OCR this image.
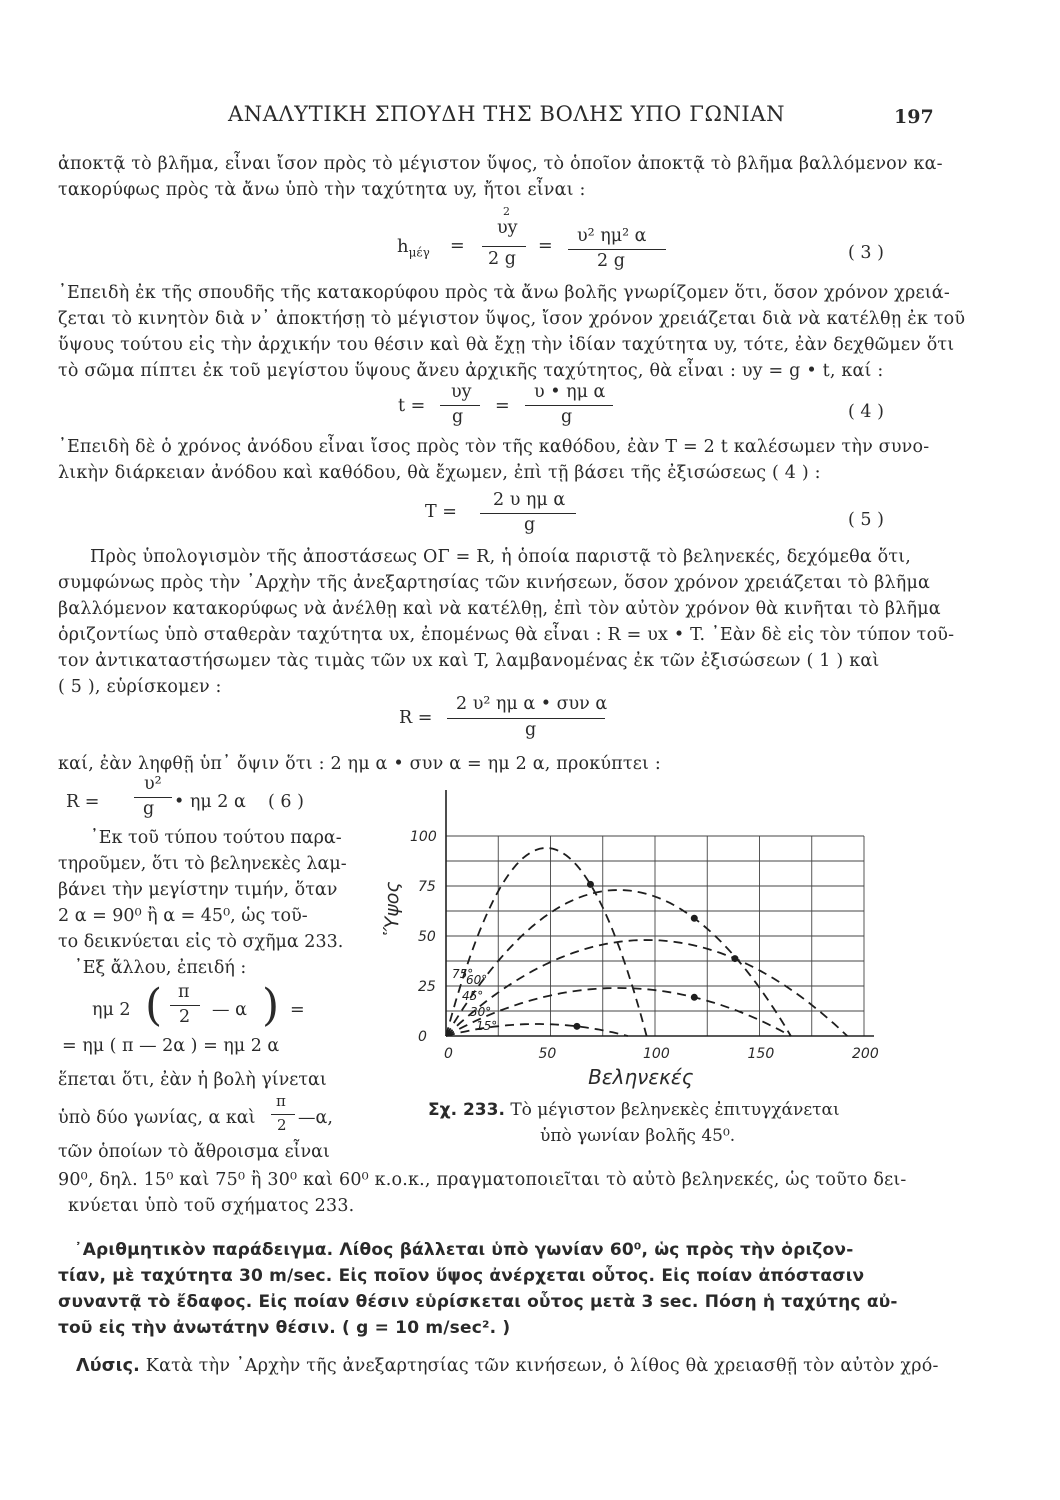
ΑΝΑΛΥΤΙΚΗ ΣΠΟΥΔΗ ΤΗΣ ΒΟΛΗΣ ΥΠΟ ΓΩΝΙΑΝ	197
ἀποκτᾷ τὸ βλῆμα, εἶναι ἴσον πρὸς τὸ μέγιστον ὕψος, τὸ ὁποῖον ἀποκτᾷ τὸ βλῆμα βαλλόμενον κα-
τακορύφως πρὸς τὰ ἄνω ὑπὸ τὴν ταχύτητα υy, ἤτοι εἶναι :
$h_{\mu έ\gamma}$ =
2
υy
2 g
= υ² ημ² α
2 g	( 3 )
᾿Επειδὴ ἐκ τῆς σπουδῆς τῆς κατακορύφου πρὸς τὰ ἄνω βολῆς γνωρίζομεν ὅτι, ὅσον χρόνον χρειά-
ζεται τὸ κινητὸν διὰ ν᾿ ἀποκτήσῃ τὸ μέγιστον ὕψος, ἴσον χρόνον χρειάζεται διὰ νὰ κατέλθῃ ἐκ τοῦ
ὕψους τούτου εἰς τὴν ἀρχικήν του θέσιν καὶ θὰ ἔχῃ τὴν ἰδίαν ταχύτητα υy, τότε, ἐὰν δεχθῶμεν ὅτι
τὸ σῶμα πίπτει ἐκ τοῦ μεγίστου ὕψους ἄνευ ἀρχικῆς ταχύτητος, θὰ εἶναι : υy = g • t, καί :
t =
υy
g
=
υ • ημ α
g	( 4 )
᾿Επειδὴ δὲ ὁ χρόνος ἀνόδου εἶναι ἴσος πρὸς τὸν τῆς καθόδου, ἐὰν T = 2 t καλέσωμεν τὴν συνο-
λικὴν διάρκειαν ἀνόδου καὶ καθόδου, θὰ ἔχωμεν, ἐπὶ τῇ βάσει τῆς ἐξισώσεως ( 4 ) :
T =
2 υ ημ α
g	( 5 )
Πρὸς ὑπολογισμὸν τῆς ἀποστάσεως ΟΓ = R, ἡ ὁποία παριστᾷ τὸ βεληνεκές, δεχόμεθα ὅτι,
συμφώνως πρὸς τὴν ᾿Αρχὴν τῆς ἀνεξαρτησίας τῶν κινήσεων, ὅσον χρόνον χρειάζεται τὸ βλῆμα
βαλλόμενον κατακορύφως νὰ ἀνέλθῃ καὶ νὰ κατέλθῃ, ἐπὶ τὸν αὐτὸν χρόνον θὰ κινῆται τὸ βλῆμα
ὁριζοντίως ὑπὸ σταθερὰν ταχύτητα υx, ἐπομένως θὰ εἶναι : R = υx • T. ᾿Εὰν δὲ εἰς τὸν τύπον τοῦ-
τον ἀντικαταστήσωμεν τὰς τιμὰς τῶν υx καὶ T, λαμβανομένας ἐκ τῶν ἐξισώσεων ( 1 ) καὶ
( 5 ), εὑρίσκομεν :
R =
2 υ² ημ α • συν α
g
καί, ἐὰν ληφθῇ ὑπ᾿ ὄψιν ὅτι : 2 ημ α • συν α = ημ 2 α, προκύπτει :
R =
υ²
g • ημ 2 α ( 6 )
᾿Εκ τοῦ τύπου τούτου παρα-
τηροῦμεν, ὅτι τὸ βεληνεκὲς λαμ-
βάνει τὴν μεγίστην τιμήν, ὅταν
2 α = 90⁰ ἢ α = 45⁰, ὡς τοῦ-
το δεικνύεται εἰς τὸ σχῆμα 233.
᾿Εξ ἄλλου, ἐπειδή :
ημ 2 ( π
2 — α ) =
= ημ ( π — 2α ) = ημ 2 α
ἕπεται ὅτι, ἐὰν ἡ βολὴ γίνεται
ὑπὸ δύο γωνίας, α καὶ
π
2 —α,
τῶν ὁποίων τὸ ἄθροισμα εἶναι
15°
30°
45°
60°
75°
0	50	100	150	200
0
25
50
75
100
Βεληνεκές
Ὕψος
Σχ. 233. Τὸ μέγιστον βεληνεκὲς ἐπιτυγχάνεται
ὑπὸ γωνίαν βολῆς 45⁰.
90⁰, δηλ. 15⁰ καὶ 75⁰ ἢ 30⁰ καὶ 60⁰ κ.ο.κ., πραγματοποιεῖται τὸ αὐτὸ βεληνεκές, ὡς τοῦτο δει-
κνύεται ὑπὸ τοῦ σχήματος 233.
᾿Αριθμητικὸν παράδειγμα. Λίθος βάλλεται ὑπὸ γωνίαν 60⁰, ὡς πρὸς τὴν ὁριζον-
τίαν, μὲ ταχύτητα 30 m/sec. Εἰς ποῖον ὕψος ἀνέρχεται οὗτος. Εἰς ποίαν ἀπόστασιν
συναντᾷ τὸ ἔδαφος. Εἰς ποίαν θέσιν εὑρίσκεται οὗτος μετὰ 3 sec. Πόση ἡ ταχύτης αὐ-
τοῦ εἰς τὴν ἀνωτάτην θέσιν. ( g = 10 m/sec². )
Λύσις. Κατὰ τὴν ᾿Αρχὴν τῆς ἀνεξαρτησίας τῶν κινήσεων, ὁ λίθος θὰ χρειασθῇ τὸν αὐτὸν χρό-
